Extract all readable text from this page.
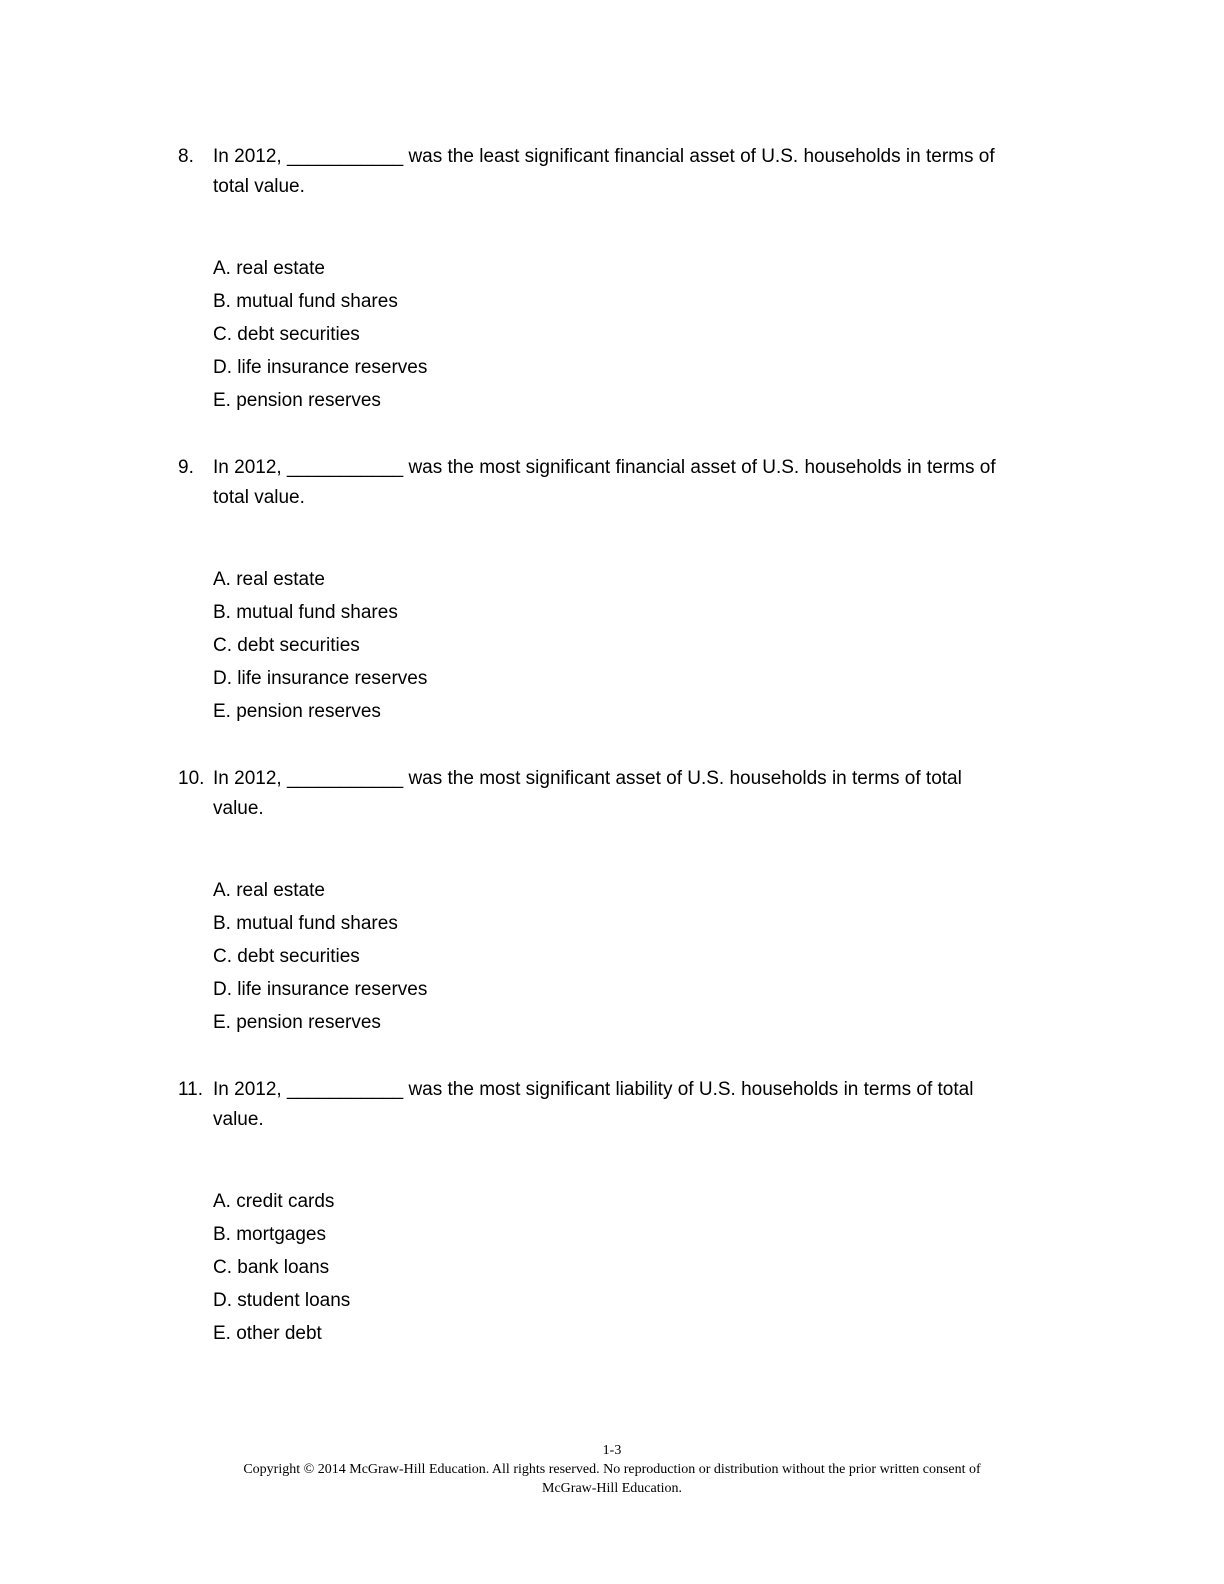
8. In 2012, ___________ was the least significant financial asset of U.S. households in terms of
total value.
A. real estate
B. mutual fund shares
C. debt securities
D. life insurance reserves
E. pension reserves
9. In 2012, ___________ was the most significant financial asset of U.S. households in terms of
total value.
A. real estate
B. mutual fund shares
C. debt securities
D. life insurance reserves
E. pension reserves
10. In 2012, ___________ was the most significant asset of U.S. households in terms of total
value.
A. real estate
B. mutual fund shares
C. debt securities
D. life insurance reserves
E. pension reserves
11. In 2012, ___________ was the most significant liability of U.S. households in terms of total
value.
A. credit cards
B. mortgages
C. bank loans
D. student loans
E. other debt
1-3
Copyright © 2014 McGraw-Hill Education. All rights reserved. No reproduction or distribution without the prior written consent of
McGraw-Hill Education.
